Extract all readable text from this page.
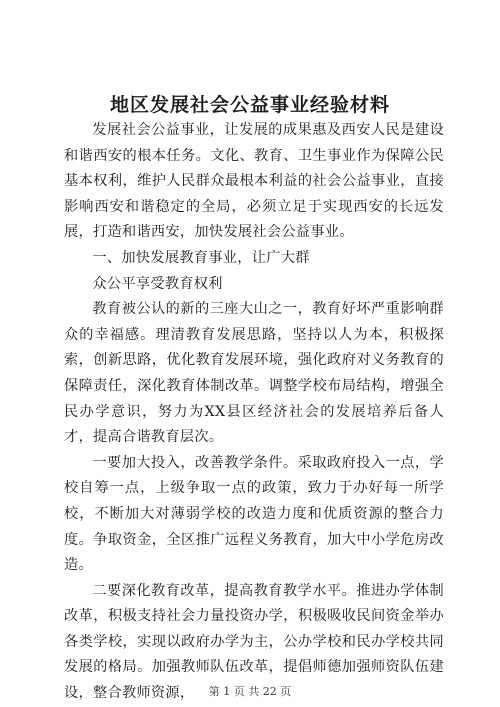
地区发展社会公益事业经验材料

发展社会公益事业，让发展的成果惠及西安人民是建设和谐西安的根本任务。文化、教育、卫生事业作为保障公民基本权利，维护人民群众最根本利益的社会公益事业，直接影响西安和谐稳定的全局，必须立足于实现西安的长远发展，打造和谐西安，加快发展社会公益事业。

一、加快发展教育事业，让广大群

众公平享受教育权利

教育被公认的新的三座大山之一，教育好坏严重影响群众的幸福感。理清教育发展思路，坚持以人为本，积极探索，创新思路，优化教育发展环境，强化政府对义务教育的保障责任，深化教育体制改革。调整学校布局结构，增强全民办学意识，努力为XX县区经济社会的发展培养后备人才，提高合谐教育层次。

一要加大投入，改善教学条件。采取政府投入一点，学校自筹一点，上级争取一点的政策，致力于办好每一所学校，不断加大对薄弱学校的改造力度和优质资源的整合力度。争取资金，全区推广远程义务教育，加大中小学危房改造。

二要深化教育改革，提高教育教学水平。推进办学体制改革，积极支持社会力量投资办学，积极吸收民间资金举办各类学校，实现以政府办学为主，公办学校和民办学校共同发展的格局。加强教师队伍改革，提倡师德加强师资队伍建设，整合教师资源，	第 1 页 共 22 页
